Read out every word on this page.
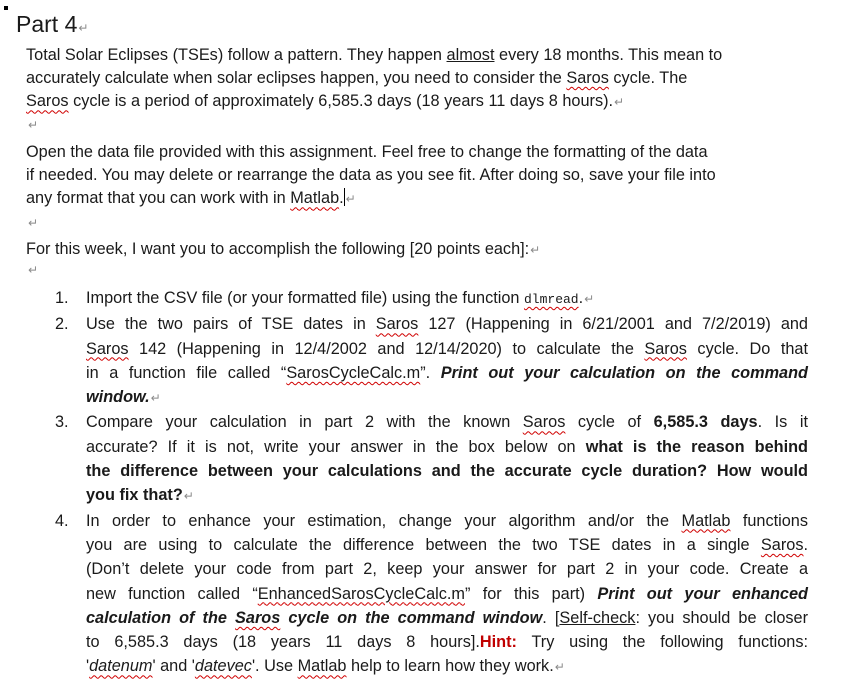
Part 4↵
Total Solar Eclipses (TSEs) follow a pattern. They happen almost every 18 months. This mean to
accurately calculate when solar eclipses happen, you need to consider the Saros cycle. The
Saros cycle is a period of approximately 6,585.3 days (18 years 11 days 8 hours).↵
↵
Open the data file provided with this assignment. Feel free to change the formatting of the data
if needed. You may delete or rearrange the data as you see fit. After doing so, save your file into
any format that you can work with in Matlab. ↵
↵
For this week, I want you to accomplish the following [20 points each]:↵
↵
1. Import the CSV file (or your formatted file) using the function dlmread.↵
2. Use the two pairs of TSE dates in Saros 127 (Happening in 6/21/2001 and 7/2/2019) and
Saros 142 (Happening in 12/4/2002 and 12/14/2020) to calculate the Saros cycle. Do that
in a function file called “SarosCycleCalc.m”. Print out your calculation on the command
window.↵
3. Compare your calculation in part 2 with the known Saros cycle of 6,585.3 days. Is it
accurate? If it is not, write your answer in the box below on what is the reason behind
the difference between your calculations and the accurate cycle duration? How would
you fix that?↵
4. In order to enhance your estimation, change your algorithm and/or the Matlab functions
you are using to calculate the difference between the two TSE dates in a single Saros.
(Don’t delete your code from part 2, keep your answer for part 2 in your code. Create a
new function called “EnhancedSarosCycleCalc.m” for this part) Print out your enhanced
calculation of the Saros cycle on the command window. [Self-check: you should be closer
to 6,585.3 days (18 years 11 days 8 hours].Hint: Try using the following functions:
'datenum' and 'datevec'. Use Matlab help to learn how they work.↵
